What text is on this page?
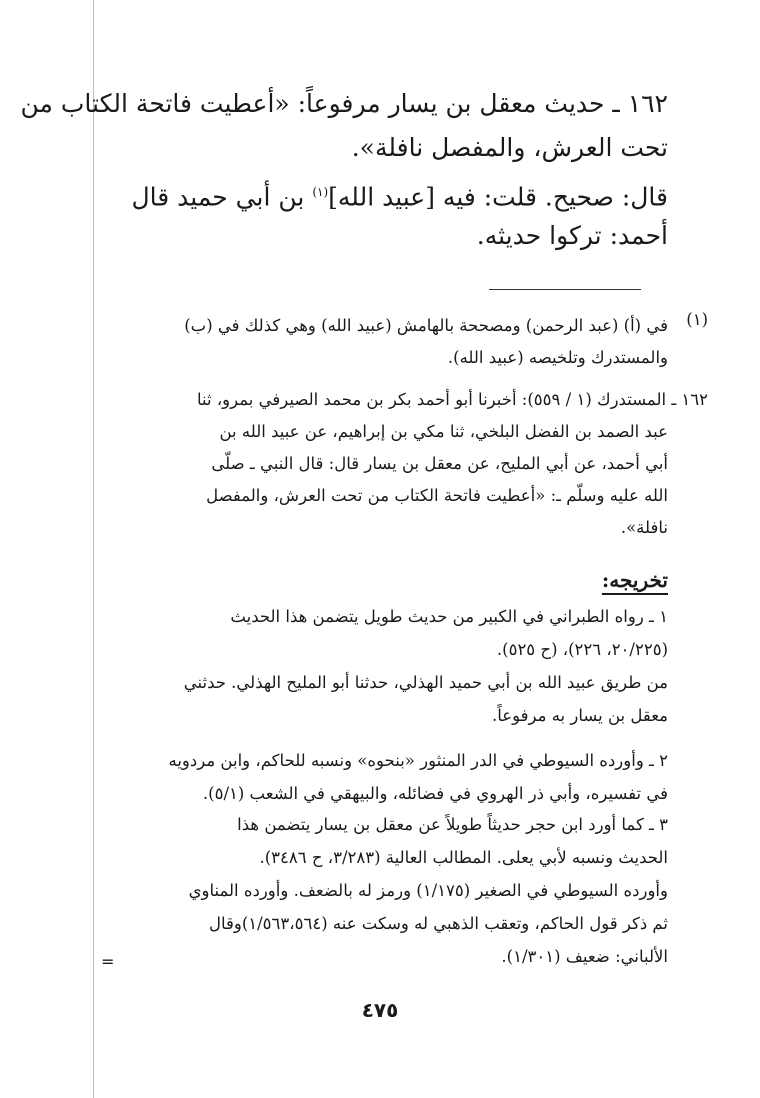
١٦٢ ـ حديث معقل بن يسار مرفوعاً: «أعطيت فاتحة الكتاب من
تحت العرش، والمفصل نافلة».
قال: صحيح. قلت: فيه [عبيد الله]$^{(١)}$ بن أبي حميد قال
أحمد: تركوا حديثه.
(١)
في (أ) (عبد الرحمن) ومصححة بالهامش (عبيد الله) وهي كذلك في (ب)
والمستدرك وتلخيصه (عبيد الله).
١٦٢ ـ المستدرك (١ / ٥٥٩): أخبرنا أبو أحمد بكر بن محمد الصيرفي بمرو، ثنا
عبد الصمد بن الفضل البلخي، ثنا مكي بن إبراهيم، عن عبيد الله بن
أبي أحمد، عن أبي المليح، عن معقل بن يسار قال: قال النبي ـ صلّى
الله عليه وسلّم ـ: «أعطيت فاتحة الكتاب من تحت العرش، والمفصل
نافلة».
تخريجه:
١ ـ رواه الطبراني في الكبير من حديث طويل يتضمن هذا الحديث
(٢٠/٢٢٥، ٢٢٦)، (ح ٥٢٥).
من طريق عبيد الله بن أبي حميد الهذلي، حدثنا أبو المليح الهذلي. حدثني
معقل بن يسار به مرفوعاً.
٢ ـ وأورده السيوطي في الدر المنثور «بنحوه» ونسبه للحاكم، وابن مردويه
في تفسيره، وأبي ذر الهروي في فضائله، والبيهقي في الشعب (٥/١).
٣ ـ كما أورد ابن حجر حديثاً طويلاً عن معقل بن يسار يتضمن هذا
الحديث ونسبه لأبي يعلى. المطالب العالية (٣/٢٨٣، ح ٣٤٨٦).
وأورده السيوطي في الصغير (١/١٧٥) ورمز له بالضعف. وأورده المناوي
ثم ذكر قول الحاكم، وتعقب الذهبي له وسكت عنه (١/٥٦٣،٥٦٤)وقال
الألباني: ضعيف (١/٣٠١).
=
٤٧٥
